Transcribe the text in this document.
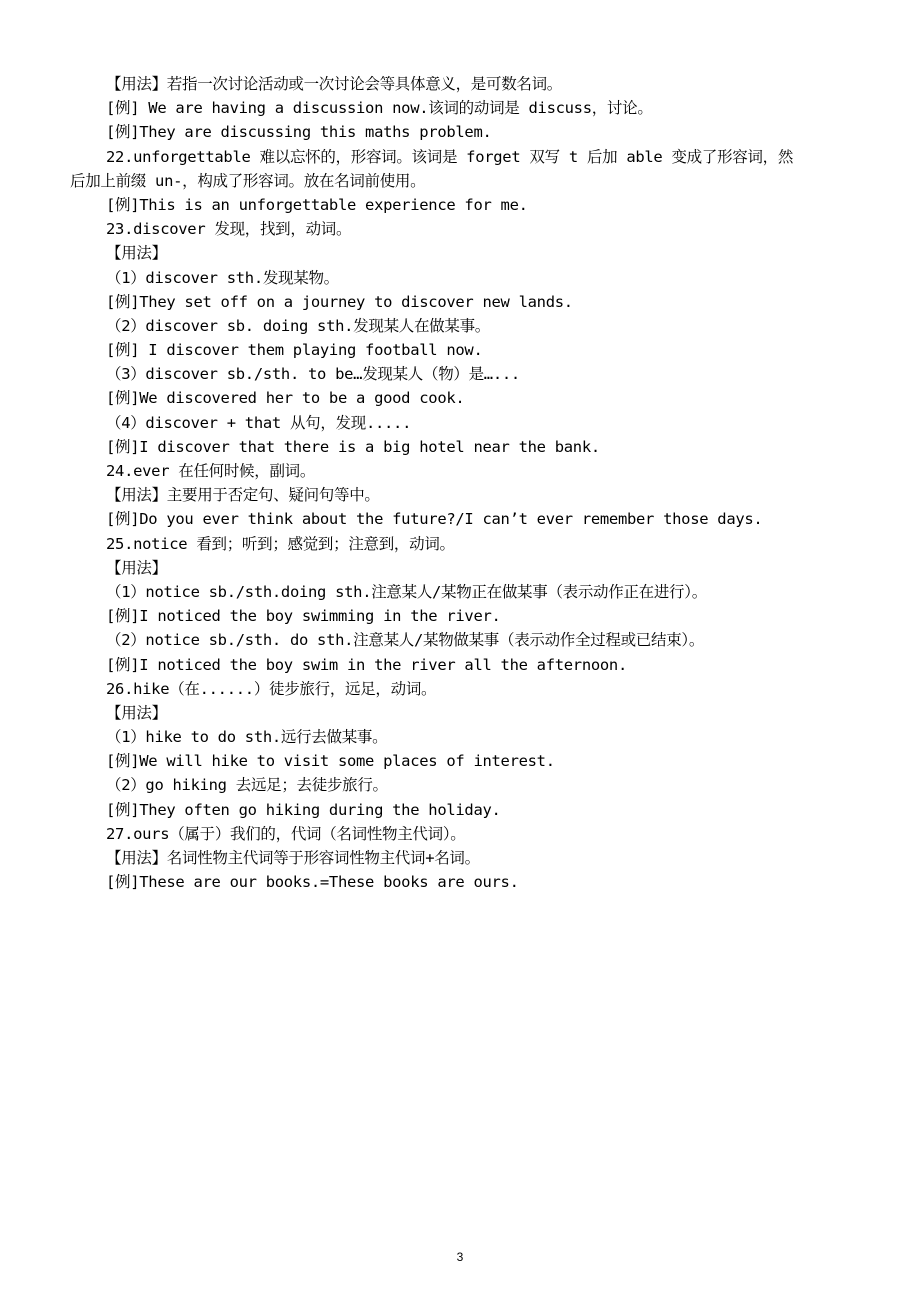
【用法】若指一次讨论活动或一次讨论会等具体意义，是可数名词。
[例] We are having a discussion now.该词的动词是 discuss，讨论。
[例]They are discussing this maths problem.
22.unforgettable 难以忘怀的，形容词。该词是 forget 双写 t 后加 able 变成了形容词，然
后加上前缀 un-，构成了形容词。放在名词前使用。
[例]This is an unforgettable experience for me.
23.discover 发现，找到，动词。
【用法】
（1）discover sth.发现某物。
[例]They set off on a journey to discover new lands.
（2）discover sb. doing sth.发现某人在做某事。
[例] I discover them playing football now.
（3）discover sb./sth. to be…发现某人（物）是…...
[例]We discovered her to be a good cook.
（4）discover + that 从句，发现.....
[例]I discover that there is a big hotel near the bank.
24.ever 在任何时候，副词。
【用法】主要用于否定句、疑问句等中。
[例]Do you ever think about the future?/I can’t ever remember those days.
25.notice 看到；听到；感觉到；注意到，动词。
【用法】
（1）notice sb./sth.doing sth.注意某人/某物正在做某事（表示动作正在进行）。
[例]I noticed the boy swimming in the river.
（2）notice sb./sth. do sth.注意某人/某物做某事（表示动作全过程或已结束）。
[例]I noticed the boy swim in the river all the afternoon.
26.hike（在......）徒步旅行，远足，动词。
【用法】
（1）hike to do sth.远行去做某事。
[例]We will hike to visit some places of interest.
（2）go hiking 去远足；去徒步旅行。
[例]They often go hiking during the holiday.
27.ours（属于）我们的，代词（名词性物主代词）。
【用法】名词性物主代词等于形容词性物主代词+名词。
[例]These are our books.=These books are ours.
3
